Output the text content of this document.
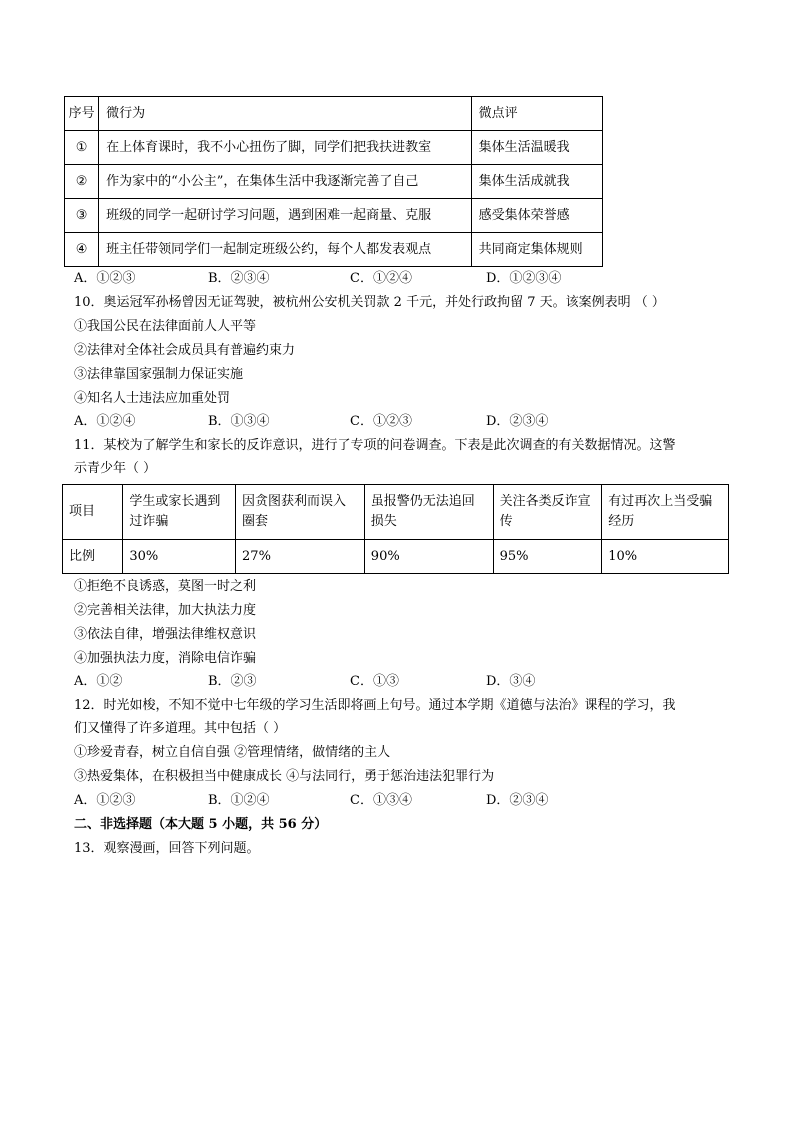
序号	微行为	微点评
①	在上体育课时，我不小心扭伤了脚，同学们把我扶进教室	集体生活温暖我
②	作为家中的“小公主”，在集体生活中我逐渐完善了自己	集体生活成就我
③	班级的同学一起研讨学习问题，遇到困难一起商量、克服	感受集体荣誉感
④	班主任带领同学们一起制定班级公约，每个人都发表观点	共同商定集体规则
A．①②③	B．②③④	C．①②④	D．①②③④
10．奥运冠军孙杨曾因无证驾驶，被杭州公安机关罚款 2 千元，并处行政拘留 7 天。该案例表明 （ ）
①我国公民在法律面前人人平等
②法律对全体社会成员具有普遍约束力
③法律靠国家强制力保证实施
④知名人士违法应加重处罚
A．①②④	B．①③④	C．①②③	D．②③④
11．某校为了解学生和家长的反诈意识，进行了专项的问卷调查。下表是此次调查的有关数据情况。这警
示青少年（ ）
项目	学生或家长遇到过诈骗	因贪图获利而误入圈套	虽报警仍无法追回损失	关注各类反诈宣传	有过再次上当受骗经历
比例	30%	27%	90%	95%	10%
①拒绝不良诱惑，莫图一时之利
②完善相关法律，加大执法力度
③依法自律，增强法律维权意识
④加强执法力度，消除电信诈骗
A．①②	B．②③	C．①③	D．③④
12．时光如梭，不知不觉中七年级的学习生活即将画上句号。通过本学期《道德与法治》课程的学习，我
们又懂得了许多道理。其中包括（ ）
①珍爱青春，树立自信自强 ②管理情绪，做情绪的主人
③热爱集体，在积极担当中健康成长 ④与法同行，勇于惩治违法犯罪行为
A．①②③	B．①②④	C．①③④	D．②③④
二、非选择题（本大题 5 小题，共 56 分）
13．观察漫画，回答下列问题。
